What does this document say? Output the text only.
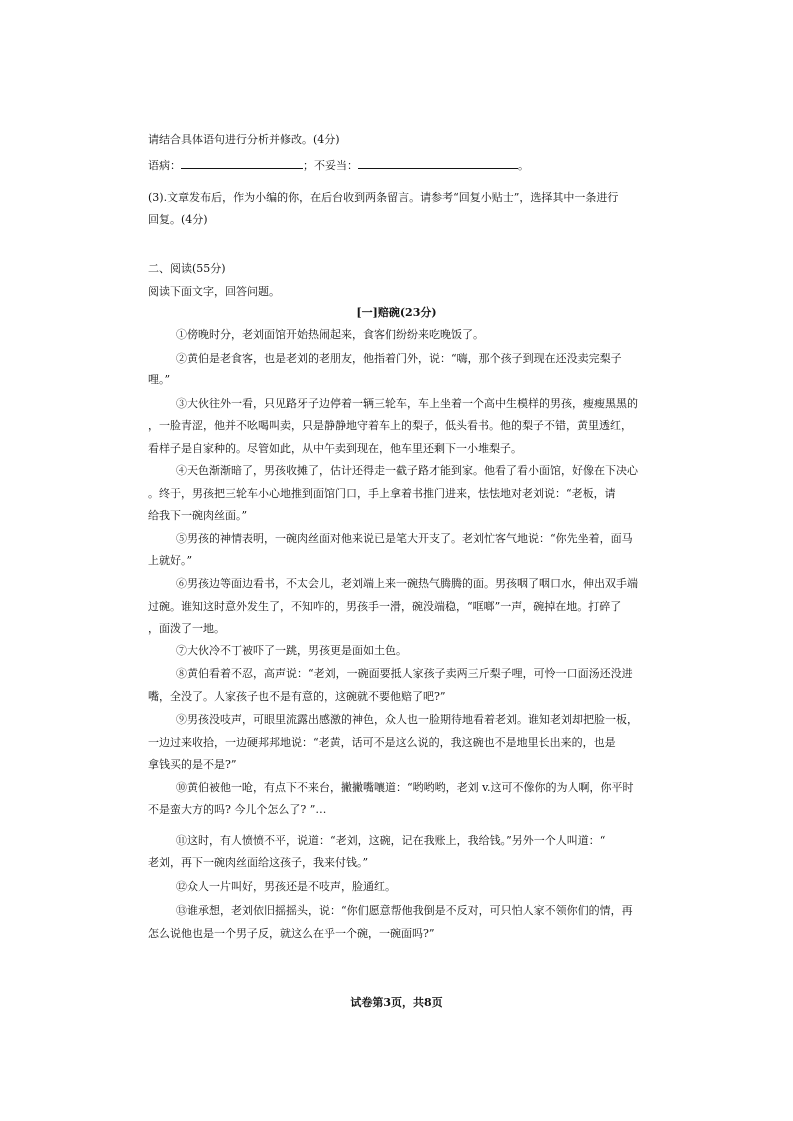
请结合具体语句进行分析并修改。(4分)
语病：	；不妥当：	。
(3).文章发布后，作为小编的你，在后台收到两条留言。请参考“回复小贴士”，选择其中一条进行
回复。(4分)
二、阅读(55分)
阅读下面文字，回答问题。
[一]赔碗(23分)
①傍晚时分，老刘面馆开始热闹起来，食客们纷纷来吃晚饭了。
②黄伯是老食客，也是老刘的老朋友，他指着门外，说：“嗨，那个孩子到现在还没卖完梨子
哩。”
③大伙往外一看，只见路牙子边停着一辆三轮车，车上坐着一个高中生模样的男孩，瘦瘦黑黑的
，一脸青涩，他并不吆喝叫卖，只是静静地守着车上的梨子，低头看书。他的梨子不错，黄里透红，
看样子是自家种的。尽管如此，从中午卖到现在，他车里还剩下一小堆梨子。
④天色渐渐暗了，男孩收摊了，估计还得走一截子路才能到家。他看了看小面馆，好像在下决心
。终于，男孩把三轮车小心地推到面馆门口，手上拿着书推门进来，怯怯地对老刘说：“老板，请
给我下一碗肉丝面。”
⑤男孩的神情表明，一碗肉丝面对他来说已是笔大开支了。老刘忙客气地说：“你先坐着，面马
上就好。”
⑥男孩边等面边看书，不太会儿，老刘端上来一碗热气腾腾的面。男孩咽了咽口水，伸出双手端
过碗。谁知这时意外发生了，不知咋的，男孩手一滑，碗没端稳，“哐啷”一声，碗掉在地。打碎了
，面泼了一地。
⑦大伙冷不丁被吓了一跳，男孩更是面如土色。
⑧黄伯看着不忍，高声说：“老刘，一碗面要抵人家孩子卖两三斤梨子哩，可怜一口面汤还没进
嘴，全没了。人家孩子也不是有意的，这碗就不要他赔了吧?”
⑨男孩没吱声，可眼里流露出感激的神色，众人也一脸期待地看着老刘。谁知老刘却把脸一板，
一边过来收拾，一边硬邦邦地说：“老黄，话可不是这么说的，我这碗也不是地里长出来的，也是
拿钱买的是不是?”
⑩黄伯被他一呛，有点下不来台，撇撇嘴嚷道：“哟哟哟，老刘 v.这可不像你的为人啊，你平时
不是蛮大方的吗? 今儿个怎么了? ”…
⑪这时，有人愤愤不平，说道：“老刘，这碗，记在我账上，我给钱。”另外一个人叫道：“
老刘，再下一碗肉丝面给这孩子，我来付钱。”
⑫众人一片叫好，男孩还是不吱声，脸通红。
⑬谁承想，老刘依旧摇摇头，说：“你们愿意帮他我倒是不反对，可只怕人家不领你们的情，再
怎么说他也是一个男子反，就这么在乎一个碗，一碗面吗?”
试卷第3页，共8页
